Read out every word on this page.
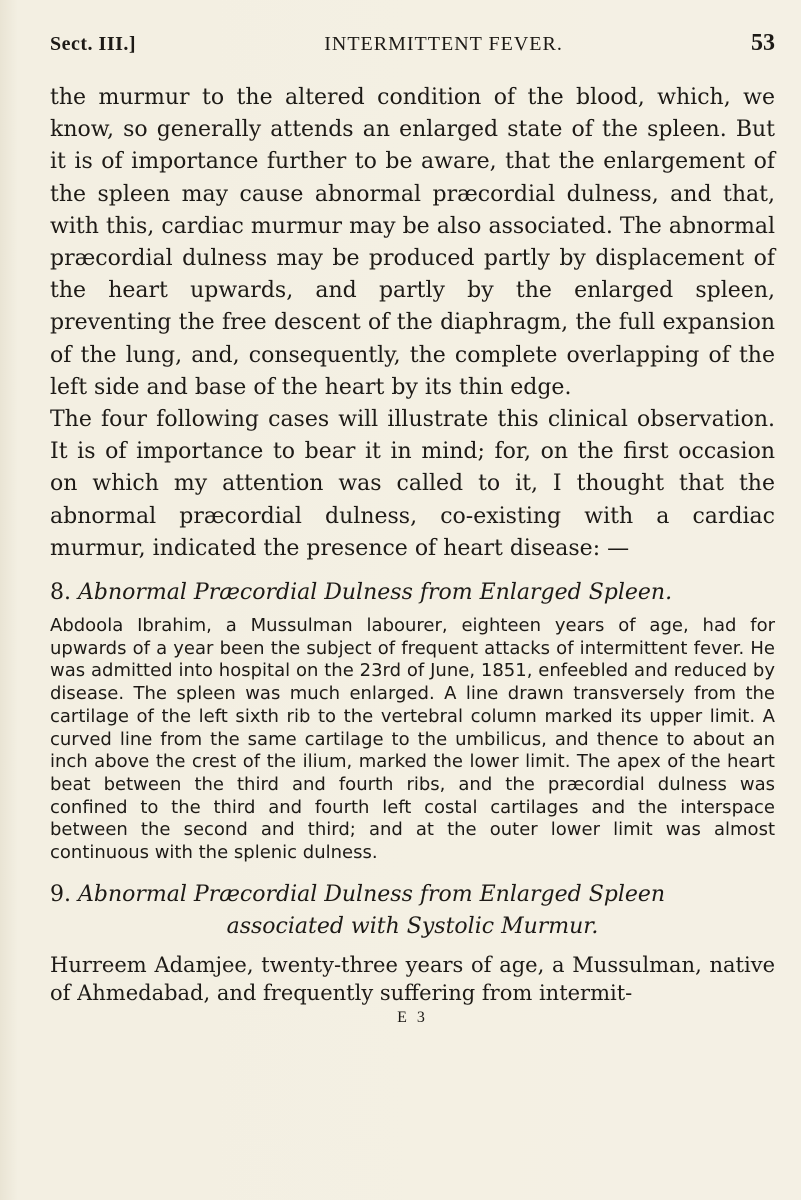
Sect. III.]	INTERMITTENT FEVER.	53

the murmur to the altered condition of the blood, which, we know, so generally attends an enlarged state of the spleen. But it is of importance further to be aware, that the enlargement of the spleen may cause abnormal præcordial dulness, and that, with this, cardiac murmur may be also associated. The abnormal præcordial dulness may be produced partly by displacement of the heart upwards, and partly by the enlarged spleen, preventing the free descent of the diaphragm, the full expansion of the lung, and, consequently, the complete overlapping of the left side and base of the heart by its thin edge.

The four following cases will illustrate this clinical observation. It is of importance to bear it in mind; for, on the first occasion on which my attention was called to it, I thought that the abnormal præcordial dulness, co-existing with a cardiac murmur, indicated the presence of heart disease: —

8. Abnormal Præcordial Dulness from Enlarged Spleen.

Abdoola Ibrahim, a Mussulman labourer, eighteen years of age, had for upwards of a year been the subject of frequent attacks of intermittent fever. He was admitted into hospital on the 23rd of June, 1851, enfeebled and reduced by disease. The spleen was much enlarged. A line drawn transversely from the cartilage of the left sixth rib to the vertebral column marked its upper limit. A curved line from the same cartilage to the umbilicus, and thence to about an inch above the crest of the ilium, marked the lower limit. The apex of the heart beat between the third and fourth ribs, and the præcordial dulness was confined to the third and fourth left costal cartilages and the interspace between the second and third; and at the outer lower limit was almost continuous with the splenic dulness.

9. Abnormal Præcordial Dulness from Enlarged Spleen
associated with Systolic Murmur.

Hurreem Adamjee, twenty-three years of age, a Mussulman, native of Ahmedabad, and frequently suffering from intermit-

E 3
